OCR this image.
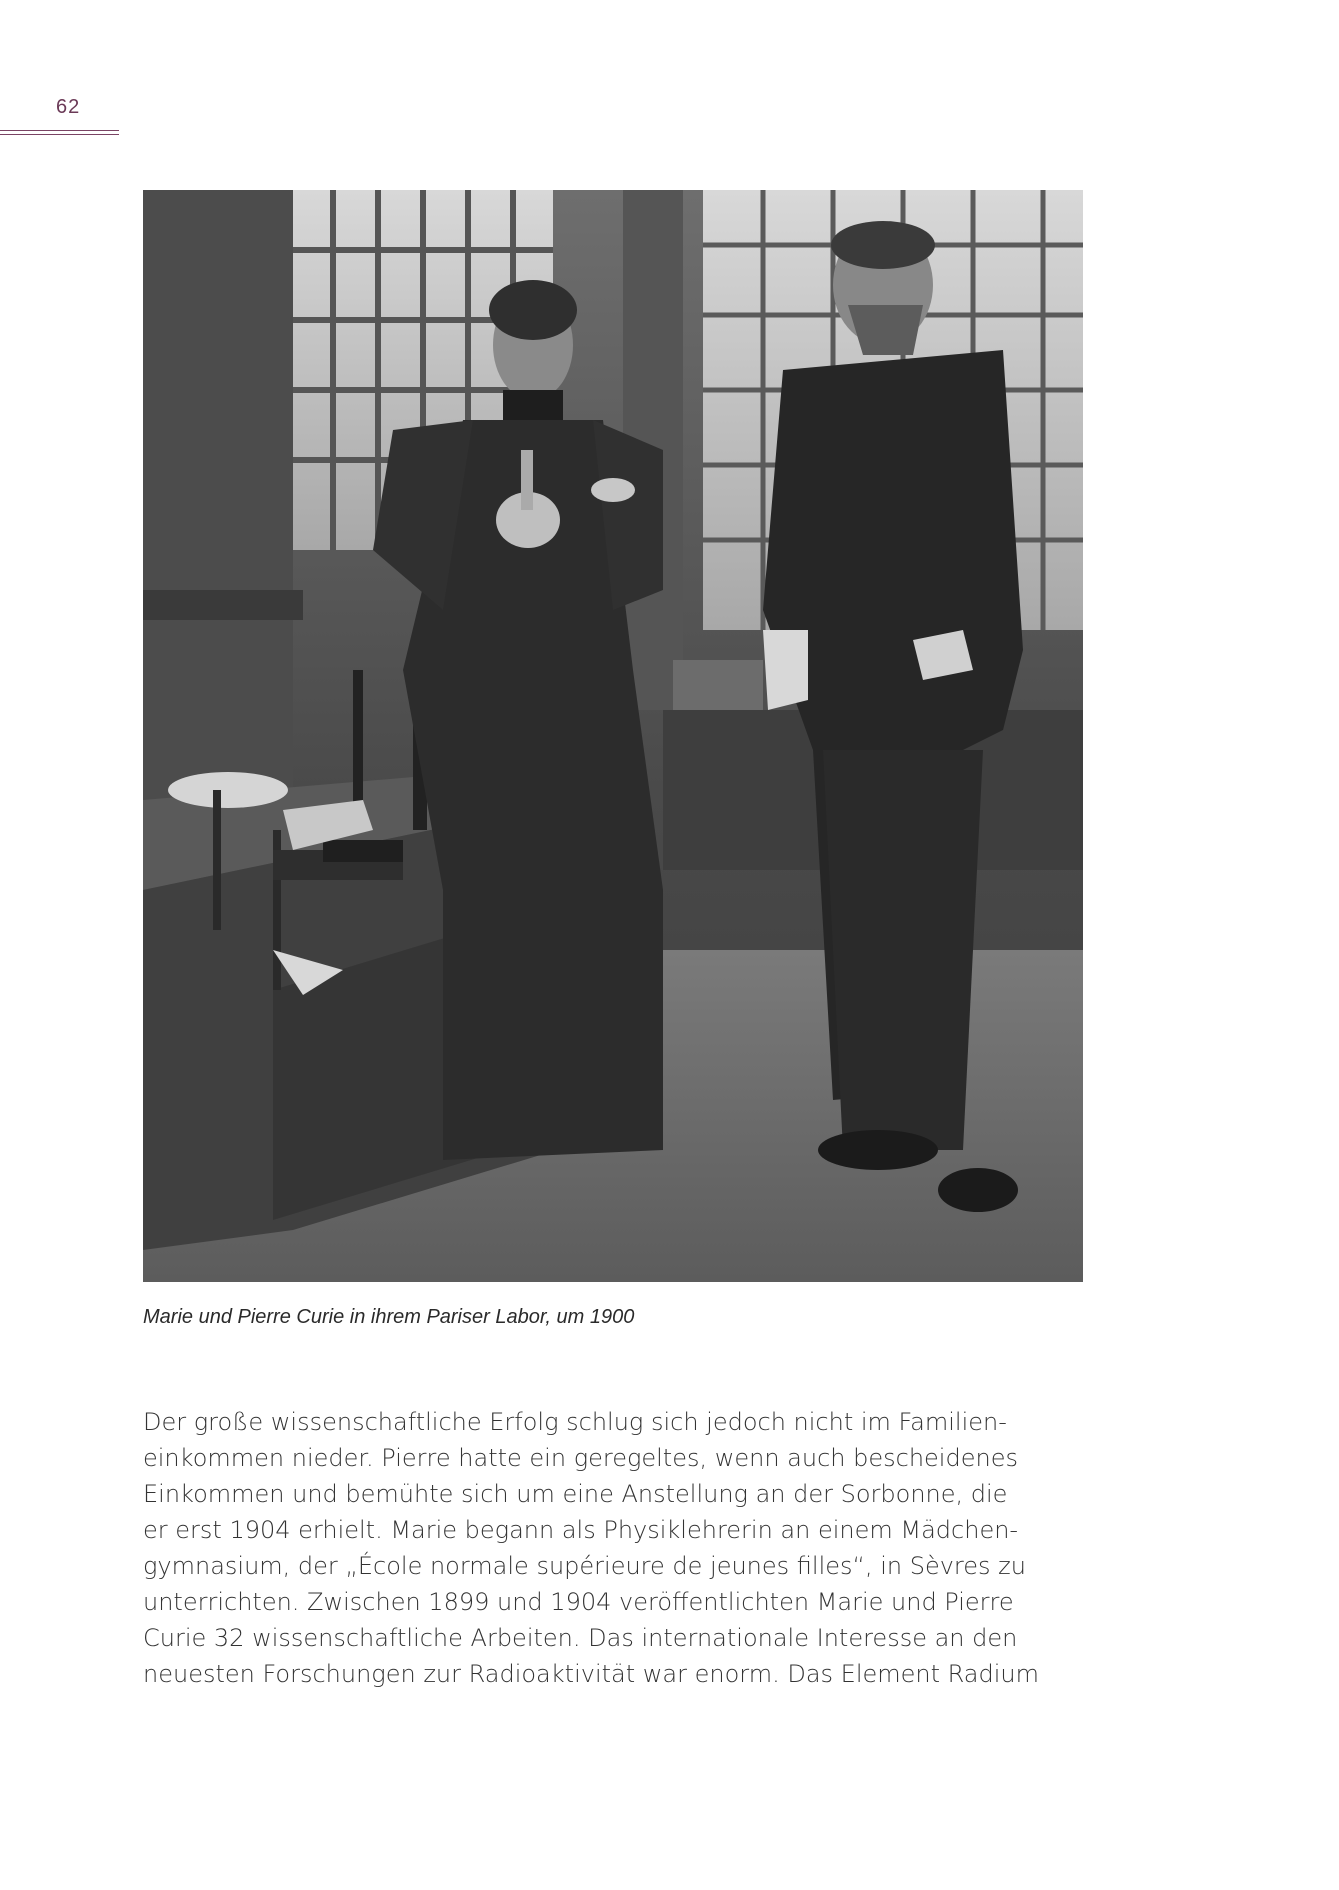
62
Marie und Pierre Curie in ihrem Pariser Labor, um 1900
Der große wissenschaftliche Erfolg schlug sich jedoch nicht im Familien-
einkommen nieder. Pierre hatte ein geregeltes, wenn auch bescheidenes
Einkommen und bemühte sich um eine Anstellung an der Sorbonne, die
er erst 1904 erhielt. Marie begann als Physiklehrerin an einem Mädchen-
gymnasium, der „École normale supérieure de jeunes filles“, in Sèvres zu
unterrichten. Zwischen 1899 und 1904 veröffentlichten Marie und Pierre
Curie 32 wissenschaftliche Arbeiten. Das internationale Interesse an den
neuesten Forschungen zur Radioaktivität war enorm. Das Element Radium
